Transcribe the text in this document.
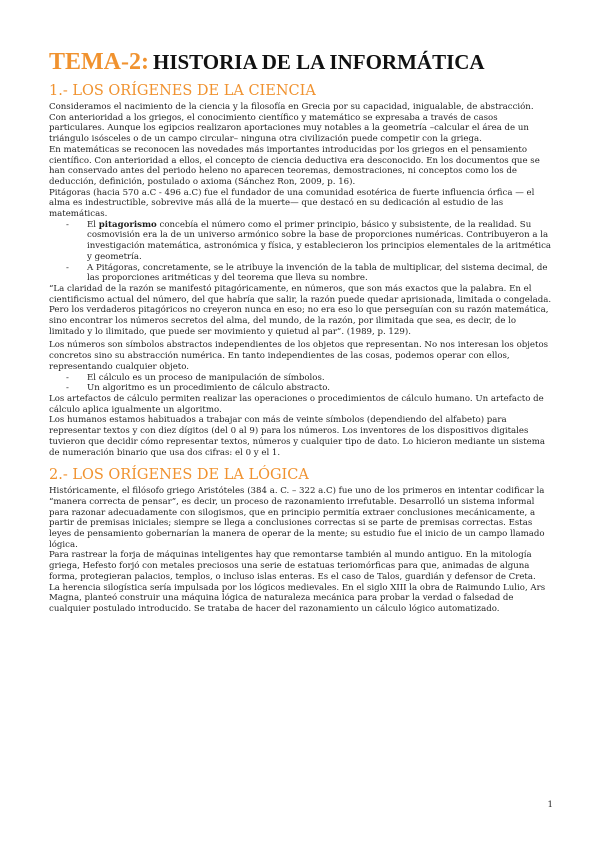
TEMA-2: HISTORIA DE LA INFORMÁTICA
1.- LOS ORÍGENES DE LA CIENCIA

Consideramos el nacimiento de la ciencia y la filosofía en Grecia por su capacidad, inigualable, de abstracción. Con anterioridad a los griegos, el conocimiento científico y matemático se expresaba a través de casos particulares. Aunque los egipcios realizaron aportaciones muy notables a la geometría –calcular el área de un triángulo isósceles o de un campo circular– ninguna otra civilización puede competir con la griega.

En matemáticas se reconocen las novedades más importantes introducidas por los griegos en el pensamiento científico. Con anterioridad a ellos, el concepto de ciencia deductiva era desconocido. En los documentos que se han conservado antes del periodo heleno no aparecen teoremas, demostraciones, ni conceptos como los de deducción, definición, postulado o axioma (Sánchez Ron, 2009, p. 16).

Pitágoras (hacia 570 a.C - 496 a.C) fue el fundador de una comunidad esotérica de fuerte influencia órfica — el alma es indestructible, sobrevive más allá de la muerte— que destacó en su dedicación al estudio de las matemáticas.

- El pitagorismo concebía el número como el primer principio, básico y subsistente, de la realidad. Su cosmovisión era la de un universo armónico sobre la base de proporciones numéricas. Contribuyeron a la investigación matemática, astronómica y física, y establecieron los principios elementales de la aritmética y geometría.
- A Pitágoras, concretamente, se le atribuye la invención de la tabla de multiplicar, del sistema decimal, de las proporciones aritméticas y del teorema que lleva su nombre.

“La claridad de la razón se manifestó pitagóricamente, en números, que son más exactos que la palabra. En el cientificismo actual del número, del que habría que salir, la razón puede quedar aprisionada, limitada o congelada. Pero los verdaderos pitagóricos no creyeron nunca en eso; no era eso lo que perseguían con su razón matemática, sino encontrar los números secretos del alma, del mundo, de la razón, por ilimitada que sea, es decir, de lo limitado y lo ilimitado, que puede ser movimiento y quietud al par”. (1989, p. 129).

Los números son símbolos abstractos independientes de los objetos que representan. No nos interesan los objetos concretos sino su abstracción numérica. En tanto independientes de las cosas, podemos operar con ellos, representando cualquier objeto.

- El cálculo es un proceso de manipulación de símbolos.
- Un algoritmo es un procedimiento de cálculo abstracto.

Los artefactos de cálculo permiten realizar las operaciones o procedimientos de cálculo humano. Un artefacto de cálculo aplica igualmente un algoritmo.

Los humanos estamos habituados a trabajar con más de veinte símbolos (dependiendo del alfabeto) para representar textos y con diez dígitos (del 0 al 9) para los números. Los inventores de los dispositivos digitales tuvieron que decidir cómo representar textos, números y cualquier tipo de dato. Lo hicieron mediante un sistema de numeración binario que usa dos cifras: el 0 y el 1.

2.- LOS ORÍGENES DE LA LÓGICA

Históricamente, el filósofo griego Aristóteles (384 a. C. – 322 a.C) fue uno de los primeros en intentar codificar la “manera correcta de pensar”, es decir, un proceso de razonamiento irrefutable. Desarrolló un sistema informal para razonar adecuadamente con silogismos, que en principio permitía extraer conclusiones mecánicamente, a partir de premisas iniciales; siempre se llega a conclusiones correctas si se parte de premisas correctas. Estas leyes de pensamiento gobernarían la manera de operar de la mente; su estudio fue el inicio de un campo llamado lógica.

Para rastrear la forja de máquinas inteligentes hay que remontarse también al mundo antiguo. En la mitología griega, Hefesto forjó con metales preciosos una serie de estatuas teriomórficas para que, animadas de alguna forma, protegieran palacios, templos, o incluso islas enteras. Es el caso de Talos, guardián y defensor de Creta.

La herencia silogística sería impulsada por los lógicos medievales. En el siglo XIII la obra de Raimundo Lulio, Ars Magna, planteó construir una máquina lógica de naturaleza mecánica para probar la verdad o falsedad de cualquier postulado introducido. Se trataba de hacer del razonamiento un cálculo lógico automatizado.

1
